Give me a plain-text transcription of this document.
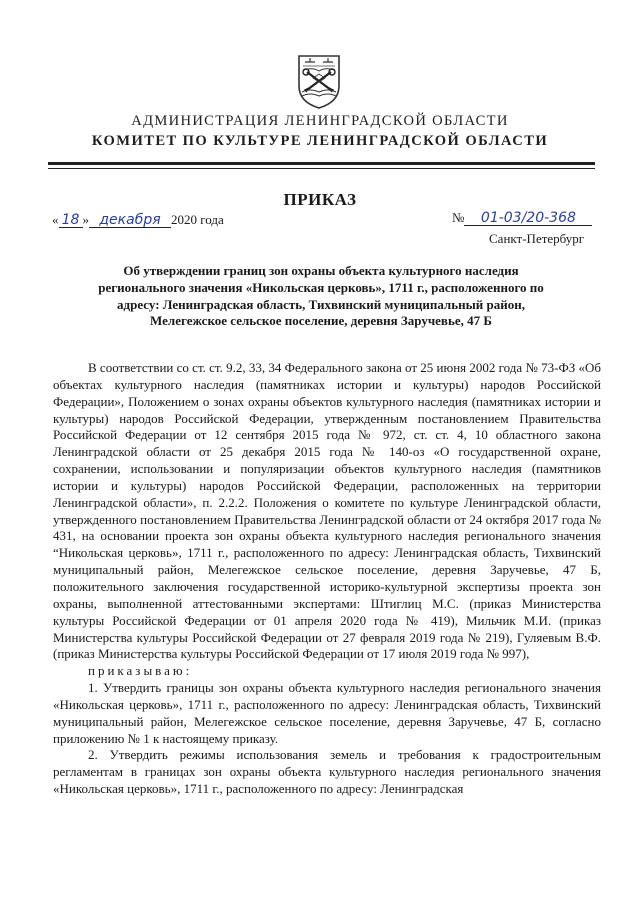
АДМИНИСТРАЦИЯ ЛЕНИНГРАДСКОЙ ОБЛАСТИ
КОМИТЕТ ПО КУЛЬТУРЕ ЛЕНИНГРАДСКОЙ ОБЛАСТИ
ПРИКАЗ
« 18 » декабря 2020 года	№ 01-03/20-368
Санкт-Петербург
Об утверждении границ зон охраны объекта культурного наследия регионального значения «Никольская церковь», 1711 г., расположенного по адресу: Ленинградская область, Тихвинский муниципальный район, Мелегежское сельское поселение, деревня Заручевье, 47 Б

В соответствии со ст. ст. 9.2, 33, 34 Федерального закона от 25 июня 2002 года № 73-ФЗ «Об объектах культурного наследия (памятниках истории и культуры) народов Российской Федерации», Положением о зонах охраны объектов культурного наследия (памятниках истории и культуры) народов Российской Федерации, утвержденным постановлением Правительства Российской Федерации от 12 сентября 2015 года № 972, ст. ст. 4, 10 областного закона Ленинградской области от 25 декабря 2015 года № 140-оз «О государственной охране, сохранении, использовании и популяризации объектов культурного наследия (памятников истории и культуры) народов Российской Федерации, расположенных на территории Ленинградской области», п. 2.2.2. Положения о комитете по культуре Ленинградской области, утвержденного постановлением Правительства Ленинградской области от 24 октября 2017 года № 431, на основании проекта зон охраны объекта культурного наследия регионального значения “Никольская церковь», 1711 г., расположенного по адресу: Ленинградская область, Тихвинский муниципальный район, Мелегежское сельское поселение, деревня Заручевье, 47 Б, положительного заключения государственной историко-культурной экспертизы проекта зон охраны, выполненной аттестованными экспертами: Штиглиц М.С. (приказ Министерства культуры Российской Федерации от 01 апреля 2020 года № 419), Мильчик М.И. (приказ Министерства культуры Российской Федерации от 27 февраля 2019 года № 219), Гуляевым В.Ф. (приказ Министерства культуры Российской Федерации от 17 июля 2019 года № 997),

приказываю:

1. Утвердить границы зон охраны объекта культурного наследия регионального значения «Никольская церковь», 1711 г., расположенного по адресу: Ленинградская область, Тихвинский муниципальный район, Мелегежское сельское поселение, деревня Заручевье, 47 Б, согласно приложению № 1 к настоящему приказу.

2. Утвердить режимы использования земель и требования к градостроительным регламентам в границах зон охраны объекта культурного наследия регионального значения «Никольская церковь», 1711 г., расположенного по адресу: Ленинградская
